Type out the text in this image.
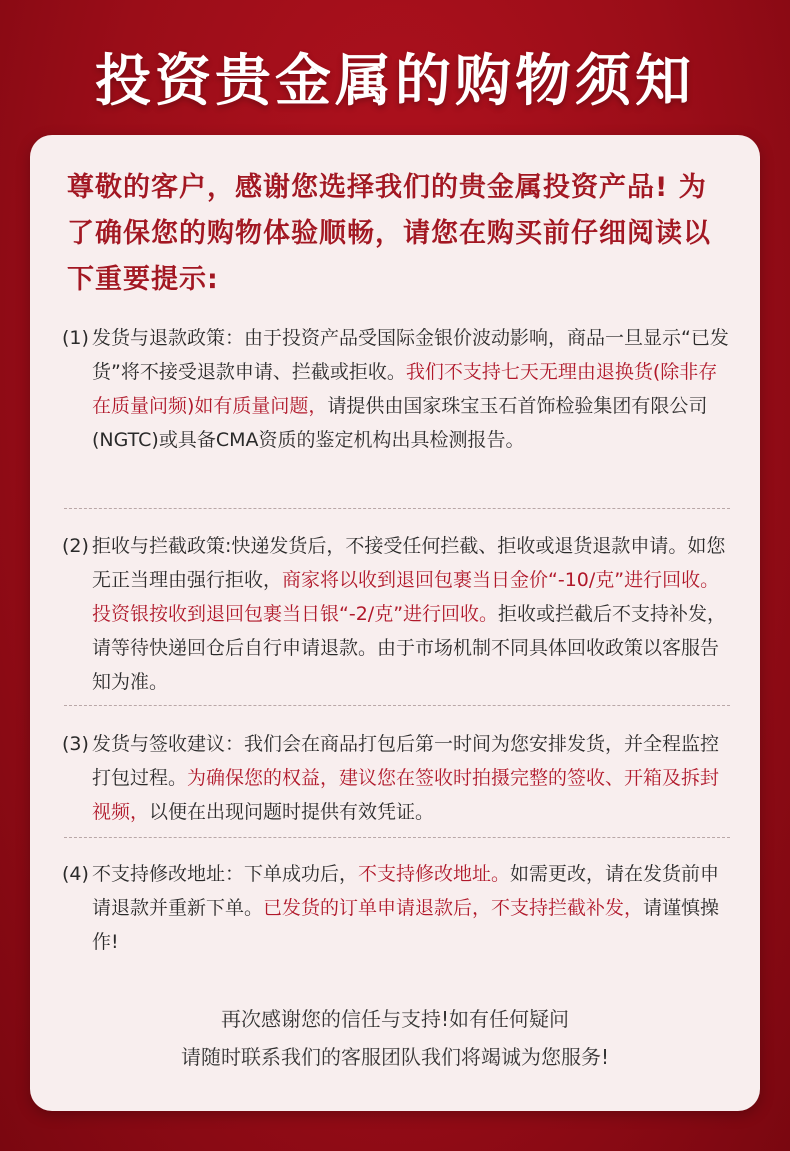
投资贵金属的购物须知

尊敬的客户，感谢您选择我们的贵金属投资产品! 为了确保您的购物体验顺畅，请您在购买前仔细阅读以下重要提示:

(1) 发货与退款政策：由于投资产品受国际金银价波动影响，商品一旦显示“已发货”将不接受退款申请、拦截或拒收。我们不支持七天无理由退换货(除非存在质量问频)如有质量问题，请提供由国家珠宝玉石首饰检验集团有限公司(NGTC)或具备CMA资质的鉴定机构出具检测报告。
(2) 拒收与拦截政策:快递发货后，不接受任何拦截、拒收或退货退款申请。如您无正当理由强行拒收，商家将以收到退回包裹当日金价“-10/克”进行回收。投资银按收到退回包裹当日银“-2/克”进行回收。拒收或拦截后不支持补发，请等待快递回仓后自行申请退款。由于市场机制不同具体回收政策以客服告知为准。
(3) 发货与签收建议：我们会在商品打包后第一时间为您安排发货，并全程监控打包过程。为确保您的权益，建议您在签收时拍摄完整的签收、开箱及拆封视频，以便在出现问题时提供有效凭证。
(4) 不支持修改地址：下单成功后，不支持修改地址。如需更改，请在发货前申请退款并重新下单。已发货的订单申请退款后，不支持拦截补发，请谨慎操作!
再次感谢您的信任与支持!如有任何疑问
请随时联系我们的客服团队我们将竭诚为您服务!
